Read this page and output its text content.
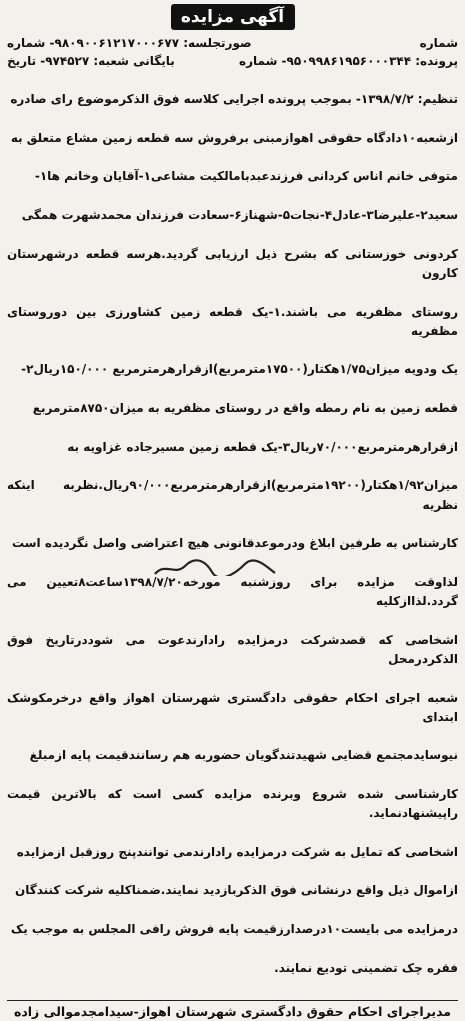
آگهی مزایده
شماره
صورتجلسه: ۹۸۰۹۰۰۶۱۲۱۷۰۰۰۶۷۷- شماره
پرونده: ۹۵۰۹۹۸۶۱۹۵۶۰۰۰۳۴۴- شماره
بایگانی شعبه: ۹۷۴۵۲۷- تاریخ

تنظیم: ۱۳۹۸/۷/۲- بموجب پرونده اجرایی کلاسه فوق الذکرموضوع رای صادره

ازشعبه۱۰دادگاه حقوقی اهوازمبنی برفروش سه قطعه زمین مشاع متعلق به

متوفی خانم اناس کردانی فرزندعبدبامالکیت مشاعی۱-آقایان وخانم ها۱-

سعید۲-علیرضا۳-عادل۴-نجات۵-شهناز۶-سعادت فرزندان محمدشهرت همگی

کردونی خوزستانی که بشرح ذیل ارزیابی گردید.هرسه قطعه درشهرستان کارون

روستای مظفریه می باشند.۱-یک قطعه زمین کشاورزی بین دوروستای مظفریه

یک ودویه میزان۱/۷۵هکتار(۱۷۵۰۰مترمربع)ازقرارهرمترمربع ۱۵۰/۰۰۰ریال۲-

قطعه زمین به نام رمطه واقع در روستای مظفریه به میزان۸۷۵۰مترمربع

ازقرارهرمترمربع۷۰/۰۰۰ریال۳-یک قطعه زمین مسیرجاده غزاویه به

میزان۱/۹۲هکتار(۱۹۲۰۰مترمربع)ازقرارهرمترمربع۹۰/۰۰۰ریال.نظربه اینکه نظریه

کارشناس به طرفین ابلاغ ودرموعدقانونی هیچ اعتراضی واصل نگردیده است

لذاوقت مزایده برای روزشنبه مورخه۱۳۹۸/۷/۲۰ساعت۸تعیین می گردد.لذاازکلیه

اشخاصی که قصدشرکت درمزایده رادارندعوت می شوددرتاریخ فوق الذکردرمحل

شعبه اجرای احکام حقوقی دادگستری شهرستان اهواز واقع درخرمکوشک ابتدای

نیوسایدمجتمع قضایی شهیدتندگویان حضوربه هم رسانندقیمت پایه ازمبلغ

کارشناسی شده شروع وبرنده مزایده کسی است که بالاترین قیمت راپیشنهادنماید.

اشخاصی که تمایل به شرکت درمزایده رادارندمی توانندپنج روزقبل ازمزایده

ازاموال ذیل واقع درنشانی فوق الذکربازدید نمایند.ضمناکلیه شرکت کنندگان

درمزایده می بایست۱۰درصدارزقیمت پایه فروش رافی المجلس به موجب یک

فقره چک تضمینی تودیع نمایند.

مدیراجرای احکام حقوق دادگستری شهرستان اهواز-سیدامجدموالی زاده
